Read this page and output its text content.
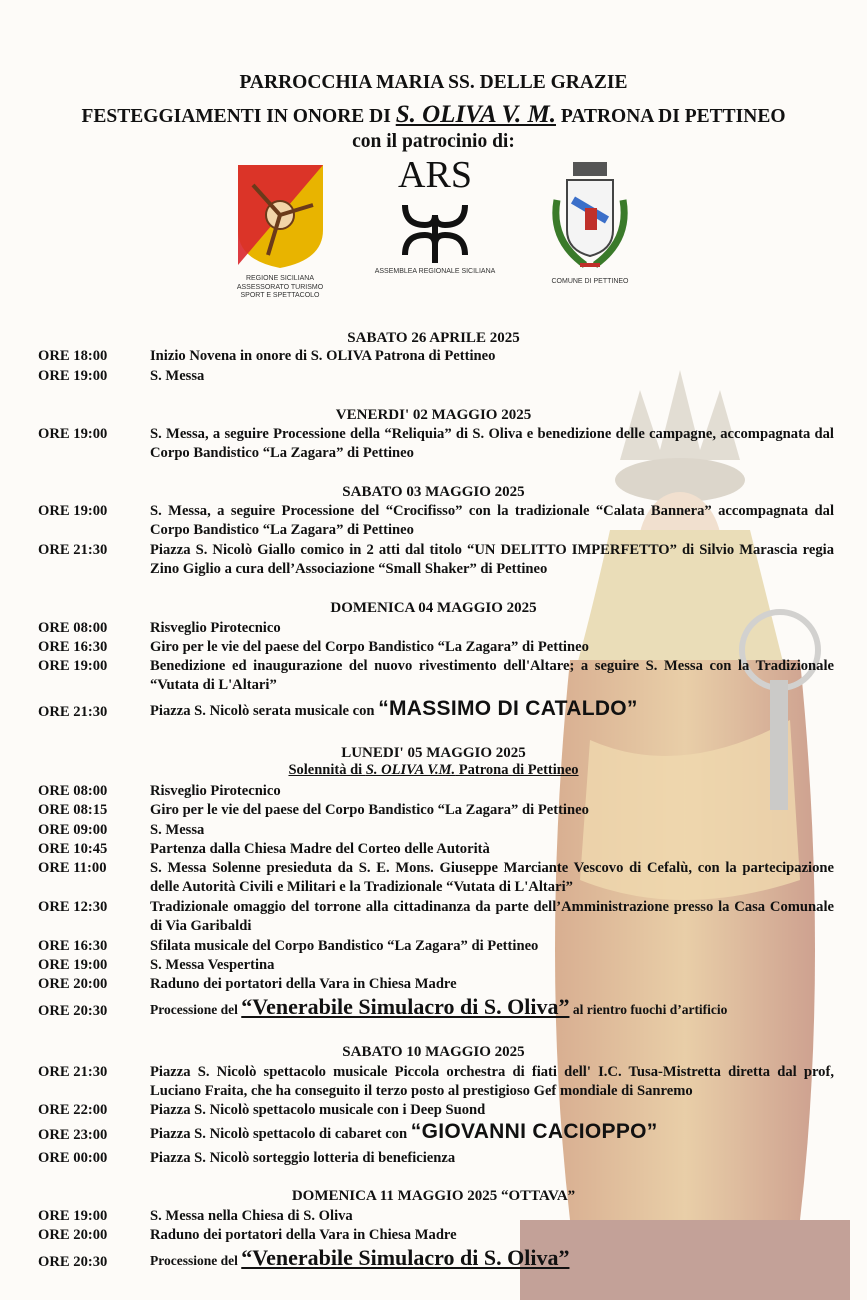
PARROCCHIA MARIA SS. DELLE GRAZIE
FESTEGGIAMENTI IN ONORE DI S. OLIVA V. M. PATRONA DI PETTINEO
con il patrocinio di:
REGIONE SICILIANA ASSESSORATO TURISMO SPORT E SPETTACOLO
ARS
ASSEMBLEA REGIONALE SICILIANA
COMUNE DI PETTINEO
SABATO 26 APRILE 2025
ORE 18:00	Inizio Novena in onore di S. OLIVA Patrona di Pettineo
ORE 19:00	S. Messa
VENERDI' 02 MAGGIO 2025
ORE 19:00	S. Messa, a seguire Processione della “Reliquia” di S. Oliva e benedizione delle campagne, accompagnata dal Corpo Bandistico “La Zagara” di Pettineo
SABATO 03 MAGGIO 2025
ORE 19:00	S. Messa, a seguire Processione del “Crocifisso” con la tradizionale “Calata Bannera” accompagnata dal Corpo Bandistico “La Zagara” di Pettineo
ORE 21:30	Piazza S. Nicolò Giallo comico in 2 atti dal titolo “UN DELITTO IMPERFETTO” di Silvio Marascia regia Zino Giglio a cura dell’Associazione “Small Shaker” di Pettineo
DOMENICA 04 MAGGIO 2025
ORE 08:00	Risveglio Pirotecnico
ORE 16:30	Giro per le vie del paese del Corpo Bandistico “La Zagara” di Pettineo
ORE 19:00	Benedizione ed inaugurazione del nuovo rivestimento dell'Altare; a seguire S. Messa con la Tradizionale “Vutata di L'Altari”
ORE 21:30	Piazza S. Nicolò serata musicale con “MASSIMO DI CATALDO”
LUNEDI' 05 MAGGIO 2025
Solennità di S. OLIVA V.M. Patrona di Pettineo
ORE 08:00	Risveglio Pirotecnico
ORE 08:15	Giro per le vie del paese del Corpo Bandistico “La Zagara” di Pettineo
ORE 09:00	S. Messa
ORE 10:45	Partenza dalla Chiesa Madre del Corteo delle Autorità
ORE 11:00	S. Messa Solenne presieduta da S. E. Mons. Giuseppe Marciante Vescovo di Cefalù, con la partecipazione delle Autorità Civili e Militari e la Tradizionale “Vutata di L'Altari”
ORE 12:30	Tradizionale omaggio del torrone alla cittadinanza da parte dell’Amministrazione presso la Casa Comunale di Via Garibaldi
ORE 16:30	Sfilata musicale del Corpo Bandistico “La Zagara” di Pettineo
ORE 19:00	S. Messa Vespertina
ORE 20:00	Raduno dei portatori della Vara in Chiesa Madre
ORE 20:30	Processione del “Venerabile Simulacro di S. Oliva” al rientro fuochi d’artificio
SABATO 10 MAGGIO 2025
ORE 21:30	Piazza S. Nicolò spettacolo musicale Piccola orchestra di fiati dell' I.C. Tusa-Mistretta diretta dal prof, Luciano Fraita, che ha conseguito il terzo posto al prestigioso Gef mondiale di Sanremo
ORE 22:00	Piazza S. Nicolò spettacolo musicale con i Deep Suond
ORE 23:00	Piazza S. Nicolò spettacolo di cabaret con “GIOVANNI CACIOPPO”
ORE 00:00	Piazza S. Nicolò sorteggio lotteria di beneficienza
DOMENICA 11 MAGGIO 2025 “OTTAVA”
ORE 19:00	S. Messa nella Chiesa di S. Oliva
ORE 20:00	Raduno dei portatori della Vara in Chiesa Madre
ORE 20:30	Processione del “Venerabile Simulacro di S. Oliva”
